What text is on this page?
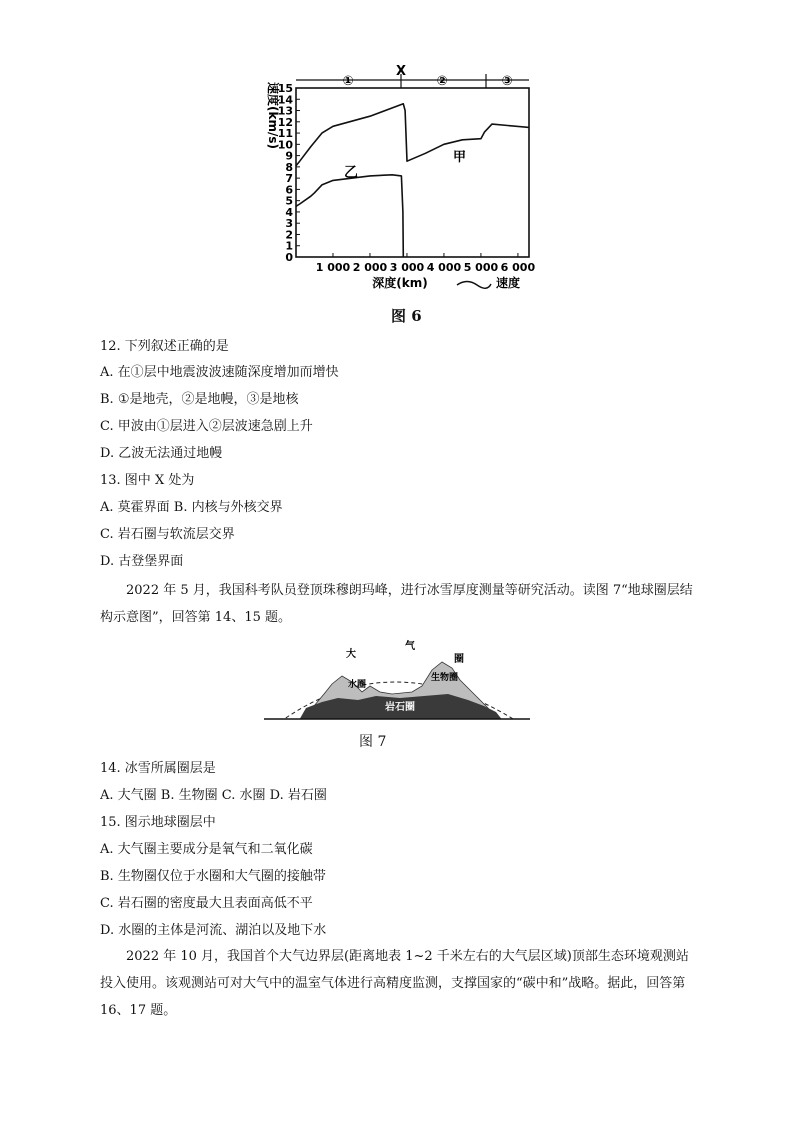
0
1
2
3
4
5
6
7
8
9
10
11
12
13
14
15
1 000 2 000 3 000 4 000 5 000 6 000
①
X
②	③
速度(km/s)
甲
乙
深度(km)	速度
图 6
12. 下列叙述正确的是
A. 在①层中地震波波速随深度增加而增快
B. ①是地壳，②是地幔，③是地核
C. 甲波由①层进入②层波速急剧上升
D. 乙波无法通过地幔
13. 图中 X 处为
A. 莫霍界面 B. 内核与外核交界
C. 岩石圈与软流层交界
D. 古登堡界面
2022 年 5 月，我国科考队员登顶珠穆朗玛峰，进行冰雪厚度测量等研究活动。读图 7“地球圈层结构示意图”，回答第 14、15 题。
大
气
圈
水圈
生物圈
岩石圈
图 7
14. 冰雪所属圈层是
A. 大气圈 B. 生物圈 C. 水圈 D. 岩石圈
15. 图示地球圈层中
A. 大气圈主要成分是氧气和二氧化碳
B. 生物圈仅位于水圈和大气圈的接触带
C. 岩石圈的密度最大且表面高低不平
D. 水圈的主体是河流、湖泊以及地下水
2022 年 10 月，我国首个大气边界层(距离地表 1~2 千米左右的大气层区域)顶部生态环境观测站投入使用。该观测站可对大气中的温室气体进行高精度监测，支撑国家的“碳中和”战略。据此，回答第 16、17 题。
